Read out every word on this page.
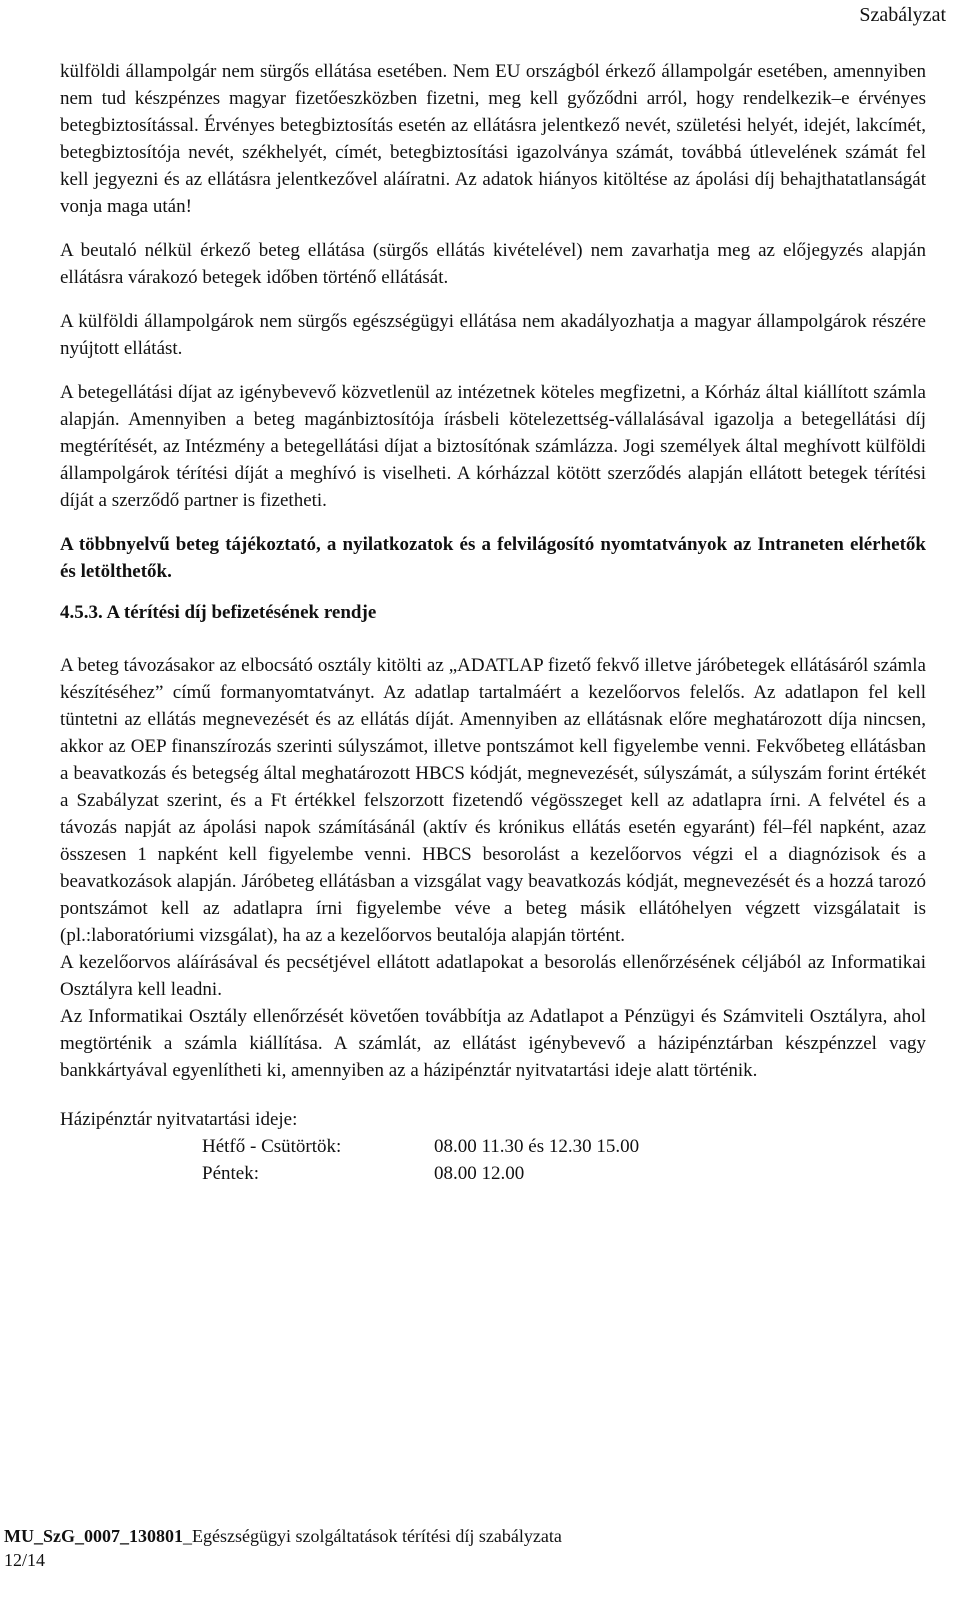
Szabályzat

külföldi állampolgár nem sürgős ellátása esetében. Nem EU országból érkező állampolgár esetében, amennyiben nem tud készpénzes magyar fizetőeszközben fizetni, meg kell győződni arról, hogy rendelkezik–e érvényes betegbiztosítással. Érvényes betegbiztosítás esetén az ellátásra jelentkező nevét, születési helyét, idejét, lakcímét, betegbiztosítója nevét, székhelyét, címét, betegbiztosítási igazolványa számát, továbbá útlevelének számát fel kell jegyezni és az ellátásra jelentkezővel aláíratni. Az adatok hiányos kitöltése az ápolási díj behajthatatlanságát vonja maga után!

A beutaló nélkül érkező beteg ellátása (sürgős ellátás kivételével) nem zavarhatja meg az előjegyzés alapján ellátásra várakozó betegek időben történő ellátását.

A külföldi állampolgárok nem sürgős egészségügyi ellátása nem akadályozhatja a magyar állampolgárok részére nyújtott ellátást.

A betegellátási díjat az igénybevevő közvetlenül az intézetnek köteles megfizetni, a Kórház által kiállított számla alapján. Amennyiben a beteg magánbiztosítója írásbeli kötelezettség-vállalásával igazolja a betegellátási díj megtérítését, az Intézmény a betegellátási díjat a biztosítónak számlázza. Jogi személyek által meghívott külföldi állampolgárok térítési díját a meghívó is viselheti. A kórházzal kötött szerződés alapján ellátott betegek térítési díját a szerződő partner is fizetheti.

A többnyelvű beteg tájékoztató, a nyilatkozatok és a felvilágosító nyomtatványok az Intraneten elérhetők és letölthetők.

4.5.3. A térítési díj befizetésének rendje

A beteg távozásakor az elbocsátó osztály kitölti az „ADATLAP fizető fekvő illetve járóbetegek ellátásáról számla készítéséhez” című formanyomtatványt. Az adatlap tartalmáért a kezelőorvos felelős. Az adatlapon fel kell tüntetni az ellátás megnevezését és az ellátás díját. Amennyiben az ellátásnak előre meghatározott díja nincsen, akkor az OEP finanszírozás szerinti súlyszámot, illetve pontszámot kell figyelembe venni. Fekvőbeteg ellátásban a beavatkozás és betegség által meghatározott HBCS kódját, megnevezését, súlyszámát, a súlyszám forint értékét a Szabályzat szerint, és a Ft értékkel felszorzott fizetendő végösszeget kell az adatlapra írni. A felvétel és a távozás napját az ápolási napok számításánál (aktív és krónikus ellátás esetén egyaránt) fél–fél napként, azaz összesen 1 napként kell figyelembe venni. HBCS besorolást a kezelőorvos végzi el a diagnózisok és a beavatkozások alapján. Járóbeteg ellátásban a vizsgálat vagy beavatkozás kódját, megnevezését és a hozzá tarozó pontszámot kell az adatlapra írni figyelembe véve a beteg másik ellátóhelyen végzett vizsgálatait is (pl.:laboratóriumi vizsgálat), ha az a kezelőorvos beutalója alapján történt.

A kezelőorvos aláírásával és pecsétjével ellátott adatlapokat a besorolás ellenőrzésének céljából az Informatikai Osztályra kell leadni.

Az Informatikai Osztály ellenőrzését követően továbbítja az Adatlapot a Pénzügyi és Számviteli Osztályra, ahol megtörténik a számla kiállítása. A számlát, az ellátást igénybevevő a házipénztárban készpénzzel vagy bankkártyával egyenlítheti ki, amennyiben az a házipénztár nyitvatartási ideje alatt történik.

Házipénztár nyitvatartási ideje:

Hétfő - Csütörtök:	08.00 11.30 és 12.30 15.00
Péntek:	08.00 12.00
MU_SzG_0007_130801_Egészségügyi szolgáltatások térítési díj szabályzata
12/14
